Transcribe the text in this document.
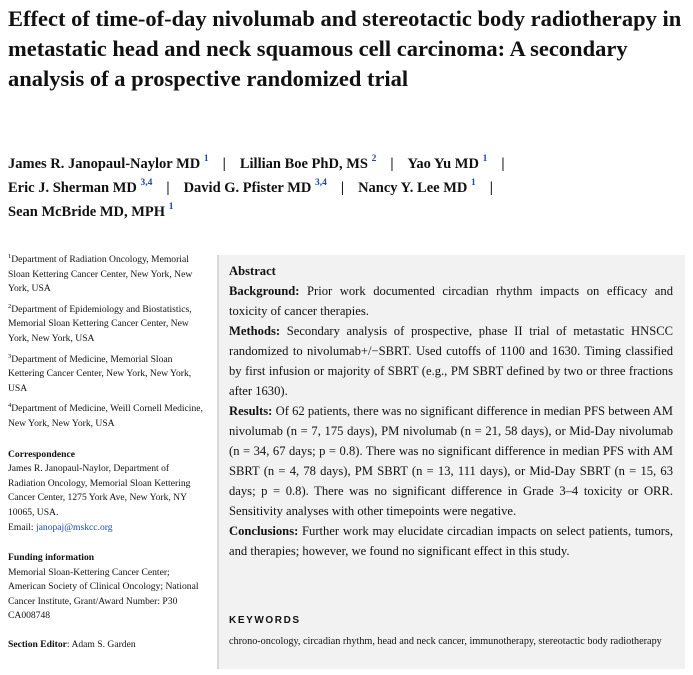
Effect of time-of-day nivolumab and stereotactic body radiotherapy in metastatic head and neck squamous cell carcinoma: A secondary analysis of a prospective randomized trial
James R. Janopaul-Naylor MD $^1$ | Lillian Boe PhD, MS $^2$ | Yao Yu MD $^1$ |
Eric J. Sherman MD $^{3,4}$ | David G. Pfister MD $^{3,4}$ | Nancy Y. Lee MD $^1$ |
Sean McBride MD, MPH $^1$
$^1$Department of Radiation Oncology, Memorial Sloan Kettering Cancer Center, New York, New York, USA
$^2$Department of Epidemiology and Biostatistics, Memorial Sloan Kettering Cancer Center, New York, New York, USA
$^3$Department of Medicine, Memorial Sloan Kettering Cancer Center, New York, New York, USA
$^4$Department of Medicine, Weill Cornell Medicine, New York, New York, USA
Correspondence
James R. Janopaul-Naylor, Department of Radiation Oncology, Memorial Sloan Kettering Cancer Center, 1275 York Ave, New York, NY 10065, USA.
Email: janopaj@mskcc.org
Funding information
Memorial Sloan-Kettering Cancer Center; American Society of Clinical Oncology; National Cancer Institute, Grant/Award Number: P30 CA008748
Section Editor: Adam S. Garden

Abstract

Background: Prior work documented circadian rhythm impacts on efficacy and toxicity of cancer therapies.

Methods: Secondary analysis of prospective, phase II trial of metastatic HNSCC randomized to nivolumab+/−SBRT. Used cutoffs of 1100 and 1630. Timing classified by first infusion or majority of SBRT (e.g., PM SBRT defined by two or three fractions after 1630).

Results: Of 62 patients, there was no significant difference in median PFS between AM nivolumab (n = 7, 175 days), PM nivolumab (n = 21, 58 days), or Mid-Day nivolumab (n = 34, 67 days; p = 0.8). There was no significant difference in median PFS with AM SBRT (n = 4, 78 days), PM SBRT (n = 13, 111 days), or Mid-Day SBRT (n = 15, 63 days; p = 0.8). There was no significant difference in Grade 3–4 toxicity or ORR. Sensitivity analyses with other timepoints were negative.

Conclusions: Further work may elucidate circadian impacts on select patients, tumors, and therapies; however, we found no significant effect in this study.

KEYWORDS
chrono-oncology, circadian rhythm, head and neck cancer, immunotherapy, stereotactic body radiotherapy
